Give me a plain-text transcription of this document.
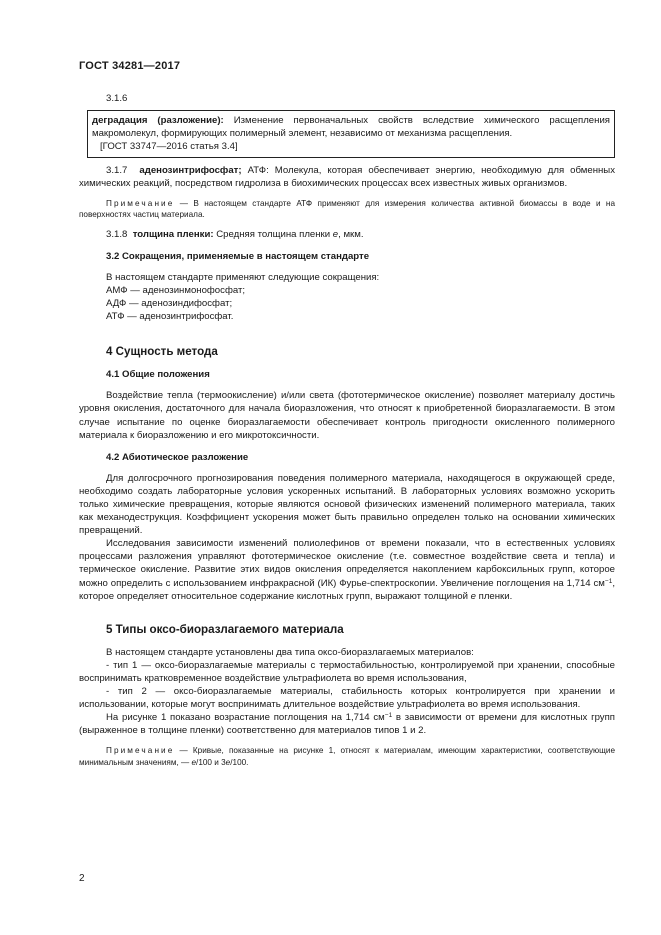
ГОСТ 34281—2017

3.1.6

деградация (разложение): Изменение первоначальных свойств вследствие химического расщепления макромолекул, формирующих полимерный элемент, независимо от механизма расщепления.

[ГОСТ 33747—2016 статья 3.4]

3.1.7 аденозинтрифосфат; АТФ: Молекула, которая обеспечивает энергию, необходимую для обменных химических реакций, посредством гидролиза в биохимических процессах всех известных живых организмов.

Примечание — В настоящем стандарте АТФ применяют для измерения количества активной биомассы в воде и на поверхностях частиц материала.

3.1.8 толщина пленки: Средняя толщина пленки e, мкм.

3.2 Сокращения, применяемые в настоящем стандарте

В настоящем стандарте применяют следующие сокращения:

АМФ — аденозинмонофосфат;

АДФ — аденозиндифосфат;

АТФ — аденозинтрифосфат.

4 Сущность метода

4.1 Общие положения

Воздействие тепла (термоокисление) и/или света (фототермическое окисление) позволяет материалу достичь уровня окисления, достаточного для начала биоразложения, что относят к приобретенной биоразлагаемости. В этом случае испытание по оценке биоразлагаемости обеспечивает контроль пригодности окисленного полимерного материала к биоразложению и его микротоксичности.

4.2 Абиотическое разложение

Для долгосрочного прогнозирования поведения полимерного материала, находящегося в окружающей среде, необходимо создать лабораторные условия ускоренных испытаний. В лабораторных условиях возможно ускорить только химические превращения, которые являются основой физических изменений полимерного материала, таких как механодеструкция. Коэффициент ускорения может быть правильно определен только на основании химических превращений.

Исследования зависимости изменений полиолефинов от времени показали, что в естественных условиях процессами разложения управляют фототермическое окисление (т.е. совместное воздействие света и тепла) и термическое окисление. Развитие этих видов окисления определяется накоплением карбоксильных групп, которое можно определить с использованием инфракрасной (ИК) Фурье-спектроскопии. Увеличение поглощения на 1,714 $см^{-1}$, которое определяет относительное содержание кислотных групп, выражают толщиной e пленки.

5 Типы оксо-биоразлагаемого материала

В настоящем стандарте установлены два типа оксо-биоразлагаемых материалов:

- тип 1 — оксо-биоразлагаемые материалы с термостабильностью, контролируемой при хранении, способные воспринимать кратковременное воздействие ультрафиолета во время использования,

- тип 2 — оксо-биоразлагаемые материалы, стабильность которых контролируется при хранении и использовании, которые могут воспринимать длительное воздействие ультрафиолета во время использования.

На рисунке 1 показано возрастание поглощения на 1,714 $см^{-1}$ в зависимости от времени для кислотных групп (выраженное в толщине пленки) соответственно для материалов типов 1 и 2.

Примечание — Кривые, показанные на рисунке 1, относят к материалам, имеющим характеристики, соответствующие минимальным значениям, — e/100 и 3e/100.

2
